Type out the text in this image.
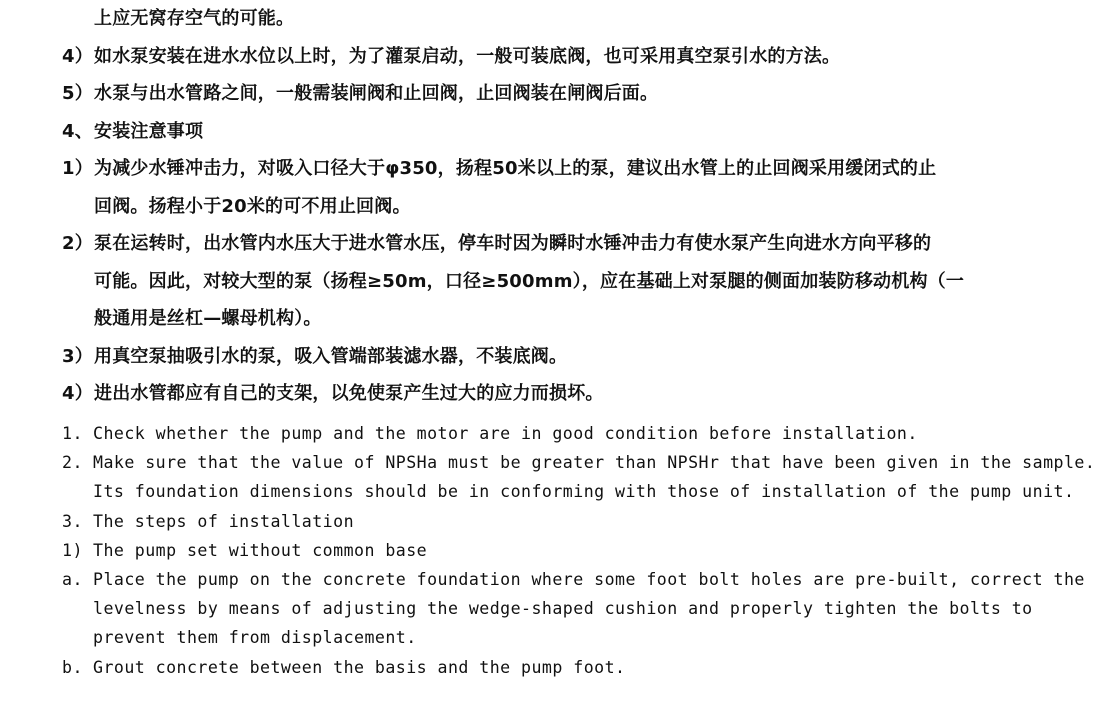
上应无窝存空气的可能。
4） 如水泵安装在进水水位以上时，为了灌泵启动，一般可装底阀，也可采用真空泵引水的方法。
5） 水泵与出水管路之间，一般需装闸阀和止回阀，止回阀装在闸阀后面。
4、 安装注意事项
1） 为减少水锤冲击力，对吸入口径大于φ350，扬程50米以上的泵，建议出水管上的止回阀采用缓闭式的止
回阀。扬程小于20米的可不用止回阀。
2） 泵在运转时，出水管内水压大于进水管水压，停车时因为瞬时水锤冲击力有使水泵产生向进水方向平移的
可能。因此，对较大型的泵（扬程≥50m，口径≥500mm），应在基础上对泵腿的侧面加装防移动机构（一
般通用是丝杠—螺母机构）。
3） 用真空泵抽吸引水的泵，吸入管端部装滤水器，不装底阀。
4） 进出水管都应有自己的支架，以免使泵产生过大的应力而损坏。
1. Check whether the pump and the motor are in good condition before installation.
2. Make sure that the value of NPSHa must be greater than NPSHr that have been given in the sample.
Its foundation dimensions should be in conforming with those of installation of the pump unit.
3. The steps of installation
1) The pump set without common base
a. Place the pump on the concrete foundation where some foot bolt holes are pre-built, correct the
levelness by means of adjusting the wedge-shaped cushion and properly tighten the bolts to
prevent them from displacement.
b. Grout concrete between the basis and the pump foot.
